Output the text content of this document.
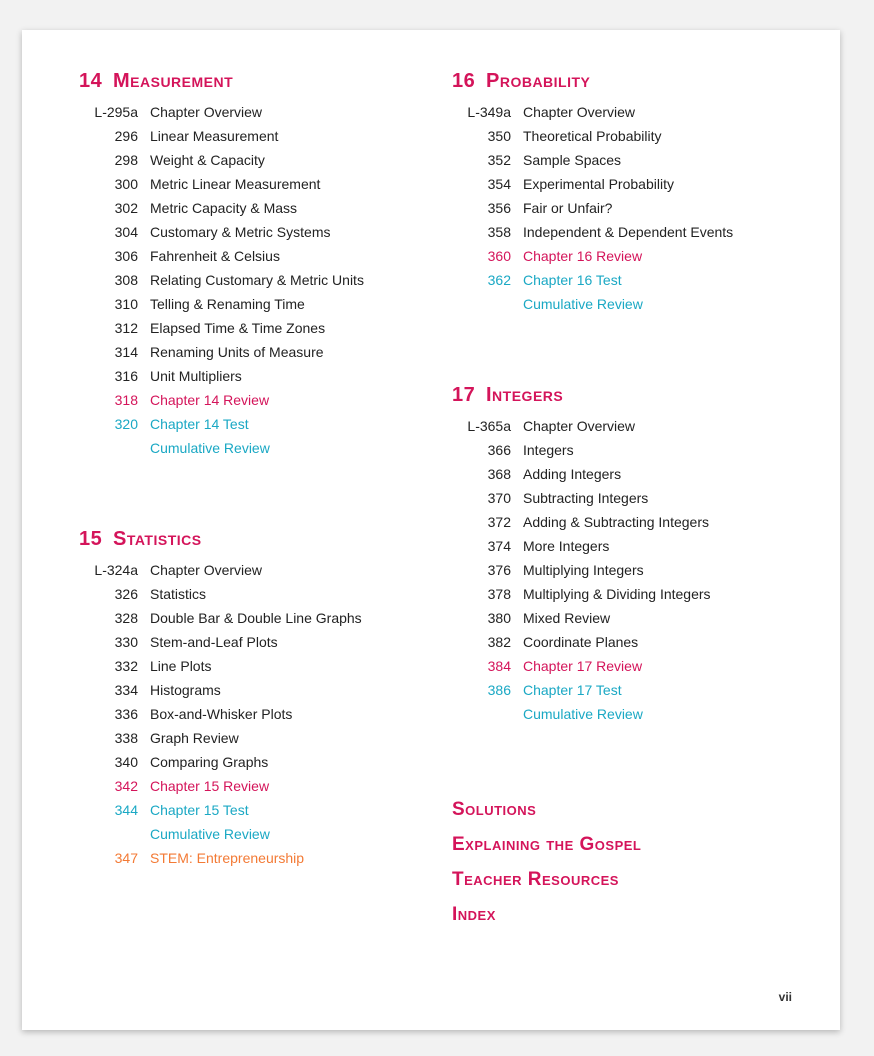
14 Measurement
L-295a Chapter Overview
296 Linear Measurement
298 Weight & Capacity
300 Metric Linear Measurement
302 Metric Capacity & Mass
304 Customary & Metric Systems
306 Fahrenheit & Celsius
308 Relating Customary & Metric Units
310 Telling & Renaming Time
312 Elapsed Time & Time Zones
314 Renaming Units of Measure
316 Unit Multipliers
318 Chapter 14 Review
320 Chapter 14 Test
Cumulative Review
15 Statistics
L-324a Chapter Overview
326 Statistics
328 Double Bar & Double Line Graphs
330 Stem-and-Leaf Plots
332 Line Plots
334 Histograms
336 Box-and-Whisker Plots
338 Graph Review
340 Comparing Graphs
342 Chapter 15 Review
344 Chapter 15 Test
Cumulative Review
347 STEM: Entrepreneurship
16 Probability
L-349a Chapter Overview
350 Theoretical Probability
352 Sample Spaces
354 Experimental Probability
356 Fair or Unfair?
358 Independent & Dependent Events
360 Chapter 16 Review
362 Chapter 16 Test
Cumulative Review
17 Integers
L-365a Chapter Overview
366 Integers
368 Adding Integers
370 Subtracting Integers
372 Adding & Subtracting Integers
374 More Integers
376 Multiplying Integers
378 Multiplying & Dividing Integers
380 Mixed Review
382 Coordinate Planes
384 Chapter 17 Review
386 Chapter 17 Test
Cumulative Review
Solutions
Explaining the Gospel
Teacher Resources
Index
vii
